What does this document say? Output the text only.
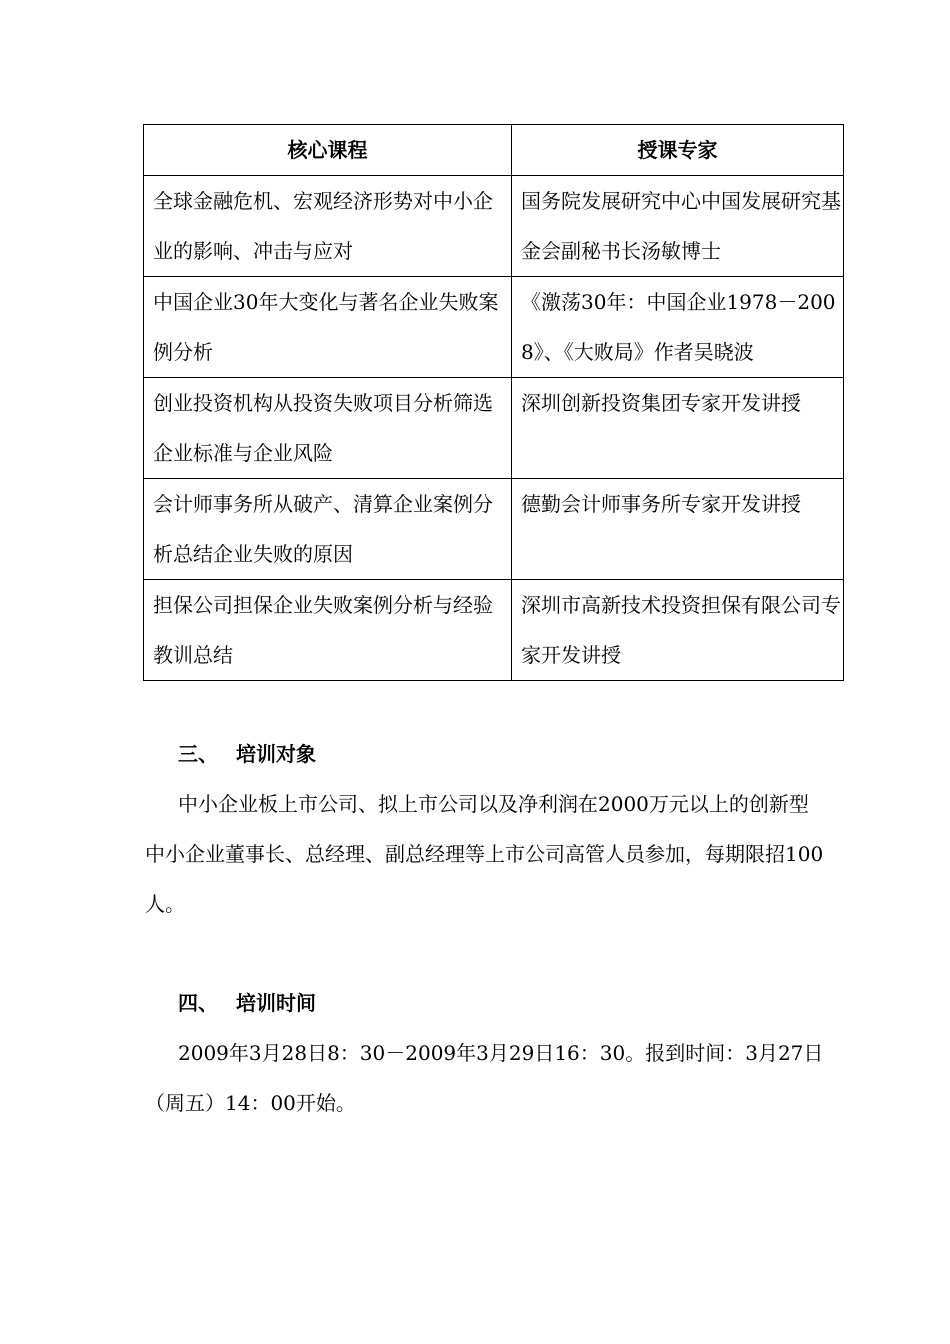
核心课程	授课专家
全球金融危机、宏观经济形势对中小企业的影响、冲击与应对	国务院发展研究中心中国发展研究基金会副秘书长汤敏博士
中国企业30年大变化与著名企业失败案例分析	《激荡30年：中国企业1978－2008》、《大败局》作者吴晓波
创业投资机构从投资失败项目分析筛选企业标准与企业风险	深圳创新投资集团专家开发讲授
会计师事务所从破产、清算企业案例分析总结企业失败的原因	德勤会计师事务所专家开发讲授
担保公司担保企业失败案例分析与经验教训总结	深圳市高新技术投资担保有限公司专家开发讲授
三、 培训对象

中小企业板上市公司、拟上市公司以及净利润在2000万元以上的创新型中小企业董事长、总经理、副总经理等上市公司高管人员参加，每期限招100人。

四、 培训时间

2009年3月28日8：30－2009年3月29日16：30。报到时间：3月27日（周五）14：00开始。
